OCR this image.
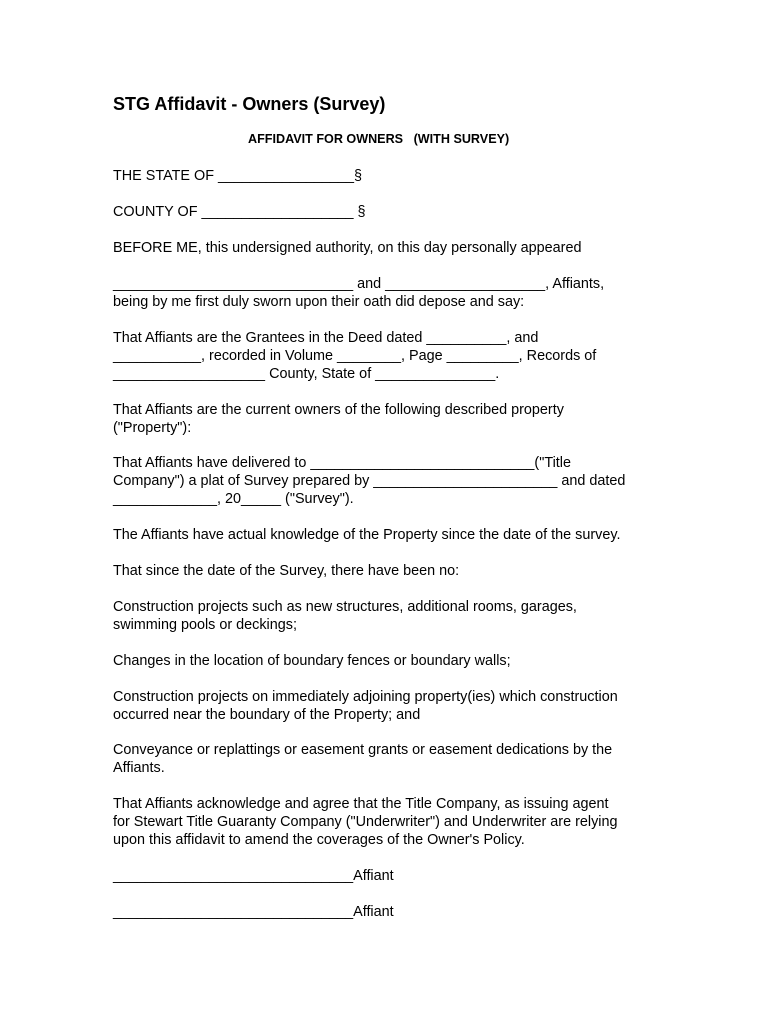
STG Affidavit - Owners (Survey)
AFFIDAVIT FOR OWNERS   (WITH SURVEY)
THE STATE OF _________________§
COUNTY OF ___________________ §
BEFORE ME, this undersigned authority, on this day personally appeared
______________________________ and ____________________, Affiants,
being by me first duly sworn upon their oath did depose and say:
That Affiants are the Grantees in the Deed dated __________, and
___________, recorded in Volume ________, Page _________, Records of
___________________ County, State of _______________.
That Affiants are the current owners of the following described property
("Property"):
That Affiants have delivered to ____________________________("Title
Company") a plat of Survey prepared by _______________________ and dated
_____________, 20_____ ("Survey").
The Affiants have actual knowledge of the Property since the date of the survey.
That since the date of the Survey, there have been no:
Construction projects such as new structures, additional rooms, garages,
swimming pools or deckings;
Changes in the location of boundary fences or boundary walls;
Construction projects on immediately adjoining property(ies) which construction
occurred near the boundary of the Property; and
Conveyance or replattings or easement grants or easement dedications by the
Affiants.
That Affiants acknowledge and agree that the Title Company, as issuing agent
for Stewart Title Guaranty Company ("Underwriter") and Underwriter are relying
upon this affidavit to amend the coverages of the Owner's Policy.
______________________________Affiant
______________________________Affiant
